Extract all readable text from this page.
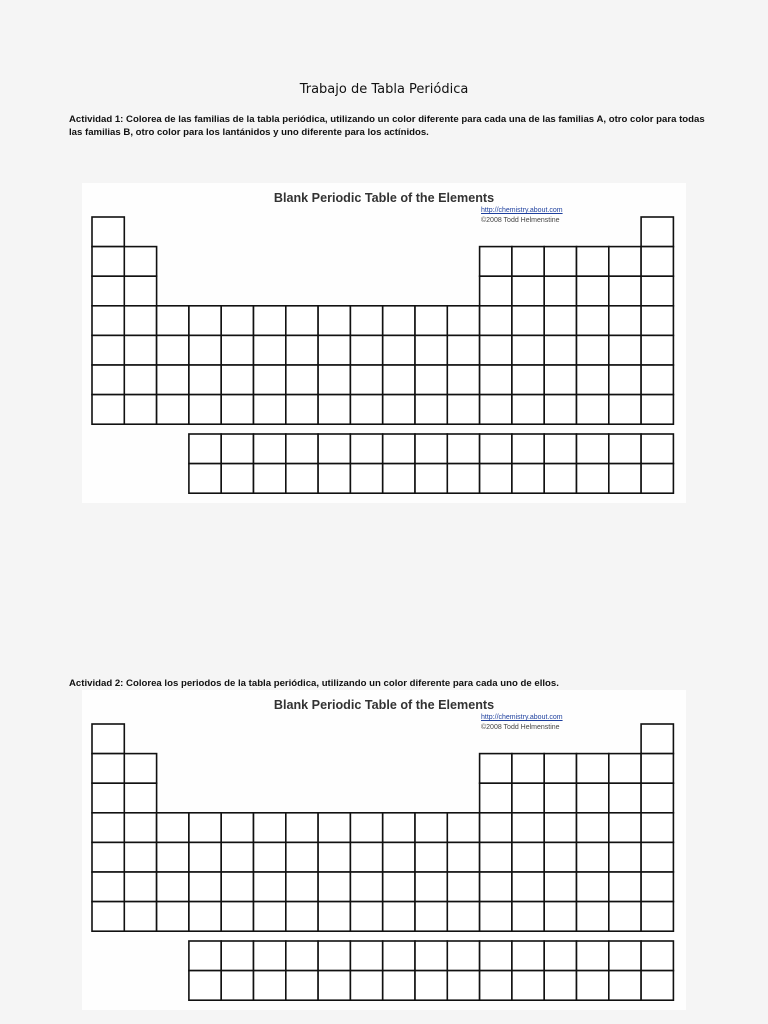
Trabajo de Tabla Periódica
Actividad 1: Colorea de las familias de la tabla periódica, utilizando un color diferente para cada una de las familias A, otro color para todas las familias B, otro color para los lantánidos y uno diferente para los actínidos.
Blank Periodic Table of the Elements
http://chemistry.about.com
©2008 Todd Helmenstine
Actividad 2: Colorea los periodos de la tabla periódica, utilizando un color diferente para cada uno de ellos.
Blank Periodic Table of the Elements
http://chemistry.about.com
©2008 Todd Helmenstine
